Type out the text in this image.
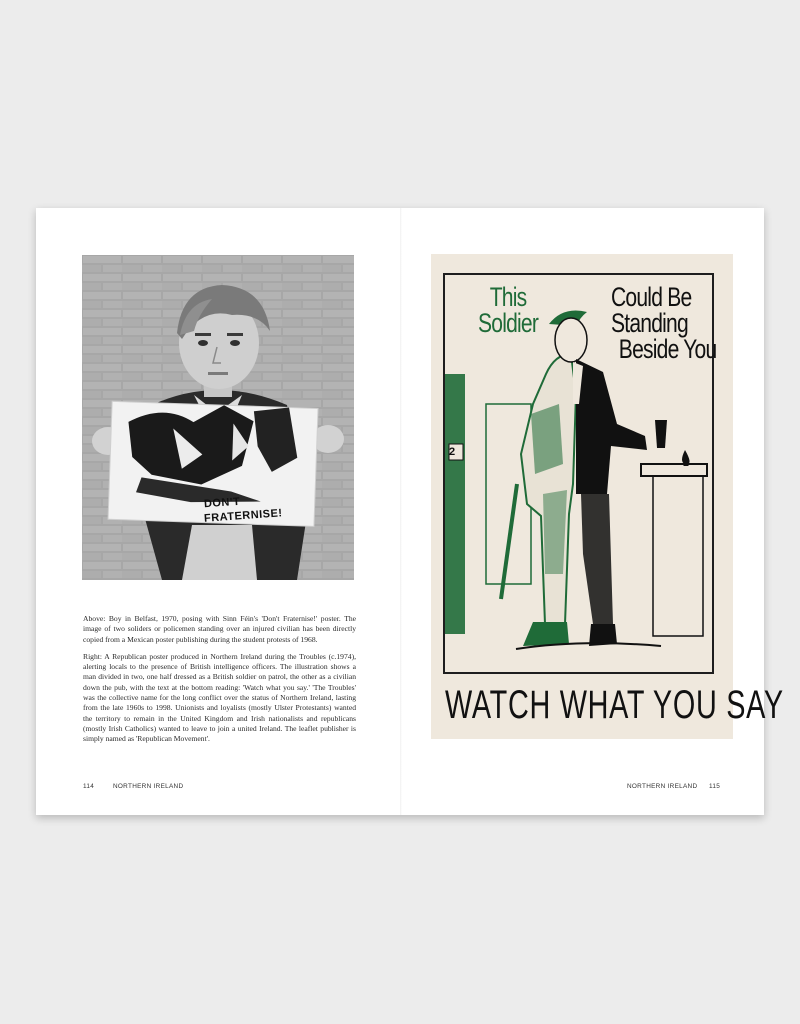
DON'T
FRATERNISE!

Above: Boy in Belfast, 1970, posing with Sinn Féin's 'Don't Fraternise!' poster. The image of two soliders or policemen standing over an injured civilian has been directly copied from a Mexican poster publishing during the student protests of 1968.

Right: A Republican poster produced in Northern Ireland during the Troubles (c.1974), alerting locals to the presence of British intelligence officers. The illustration shows a man divided in two, one half dressed as a British soldier on patrol, the other as a civilian down the pub, with the text at the bottom reading: 'Watch what you say.' 'The Troubles' was the collective name for the long conflict over the status of Northern Ireland, lasting from the late 1960s to 1998. Unionists and loyalists (mostly Ulster Protestants) wanted the territory to remain in the United Kingdom and Irish nationalists and republicans (mostly Irish Catholics) wanted to leave to join a united Ireland. The leaflet publisher is simply named as 'Republican Movement'.

114	NORTHERN IRELAND
This
Soldier
Could Be
Standing
Beside You
2
WATCH WHAT YOU SAY
NORTHERN IRELAND 115
